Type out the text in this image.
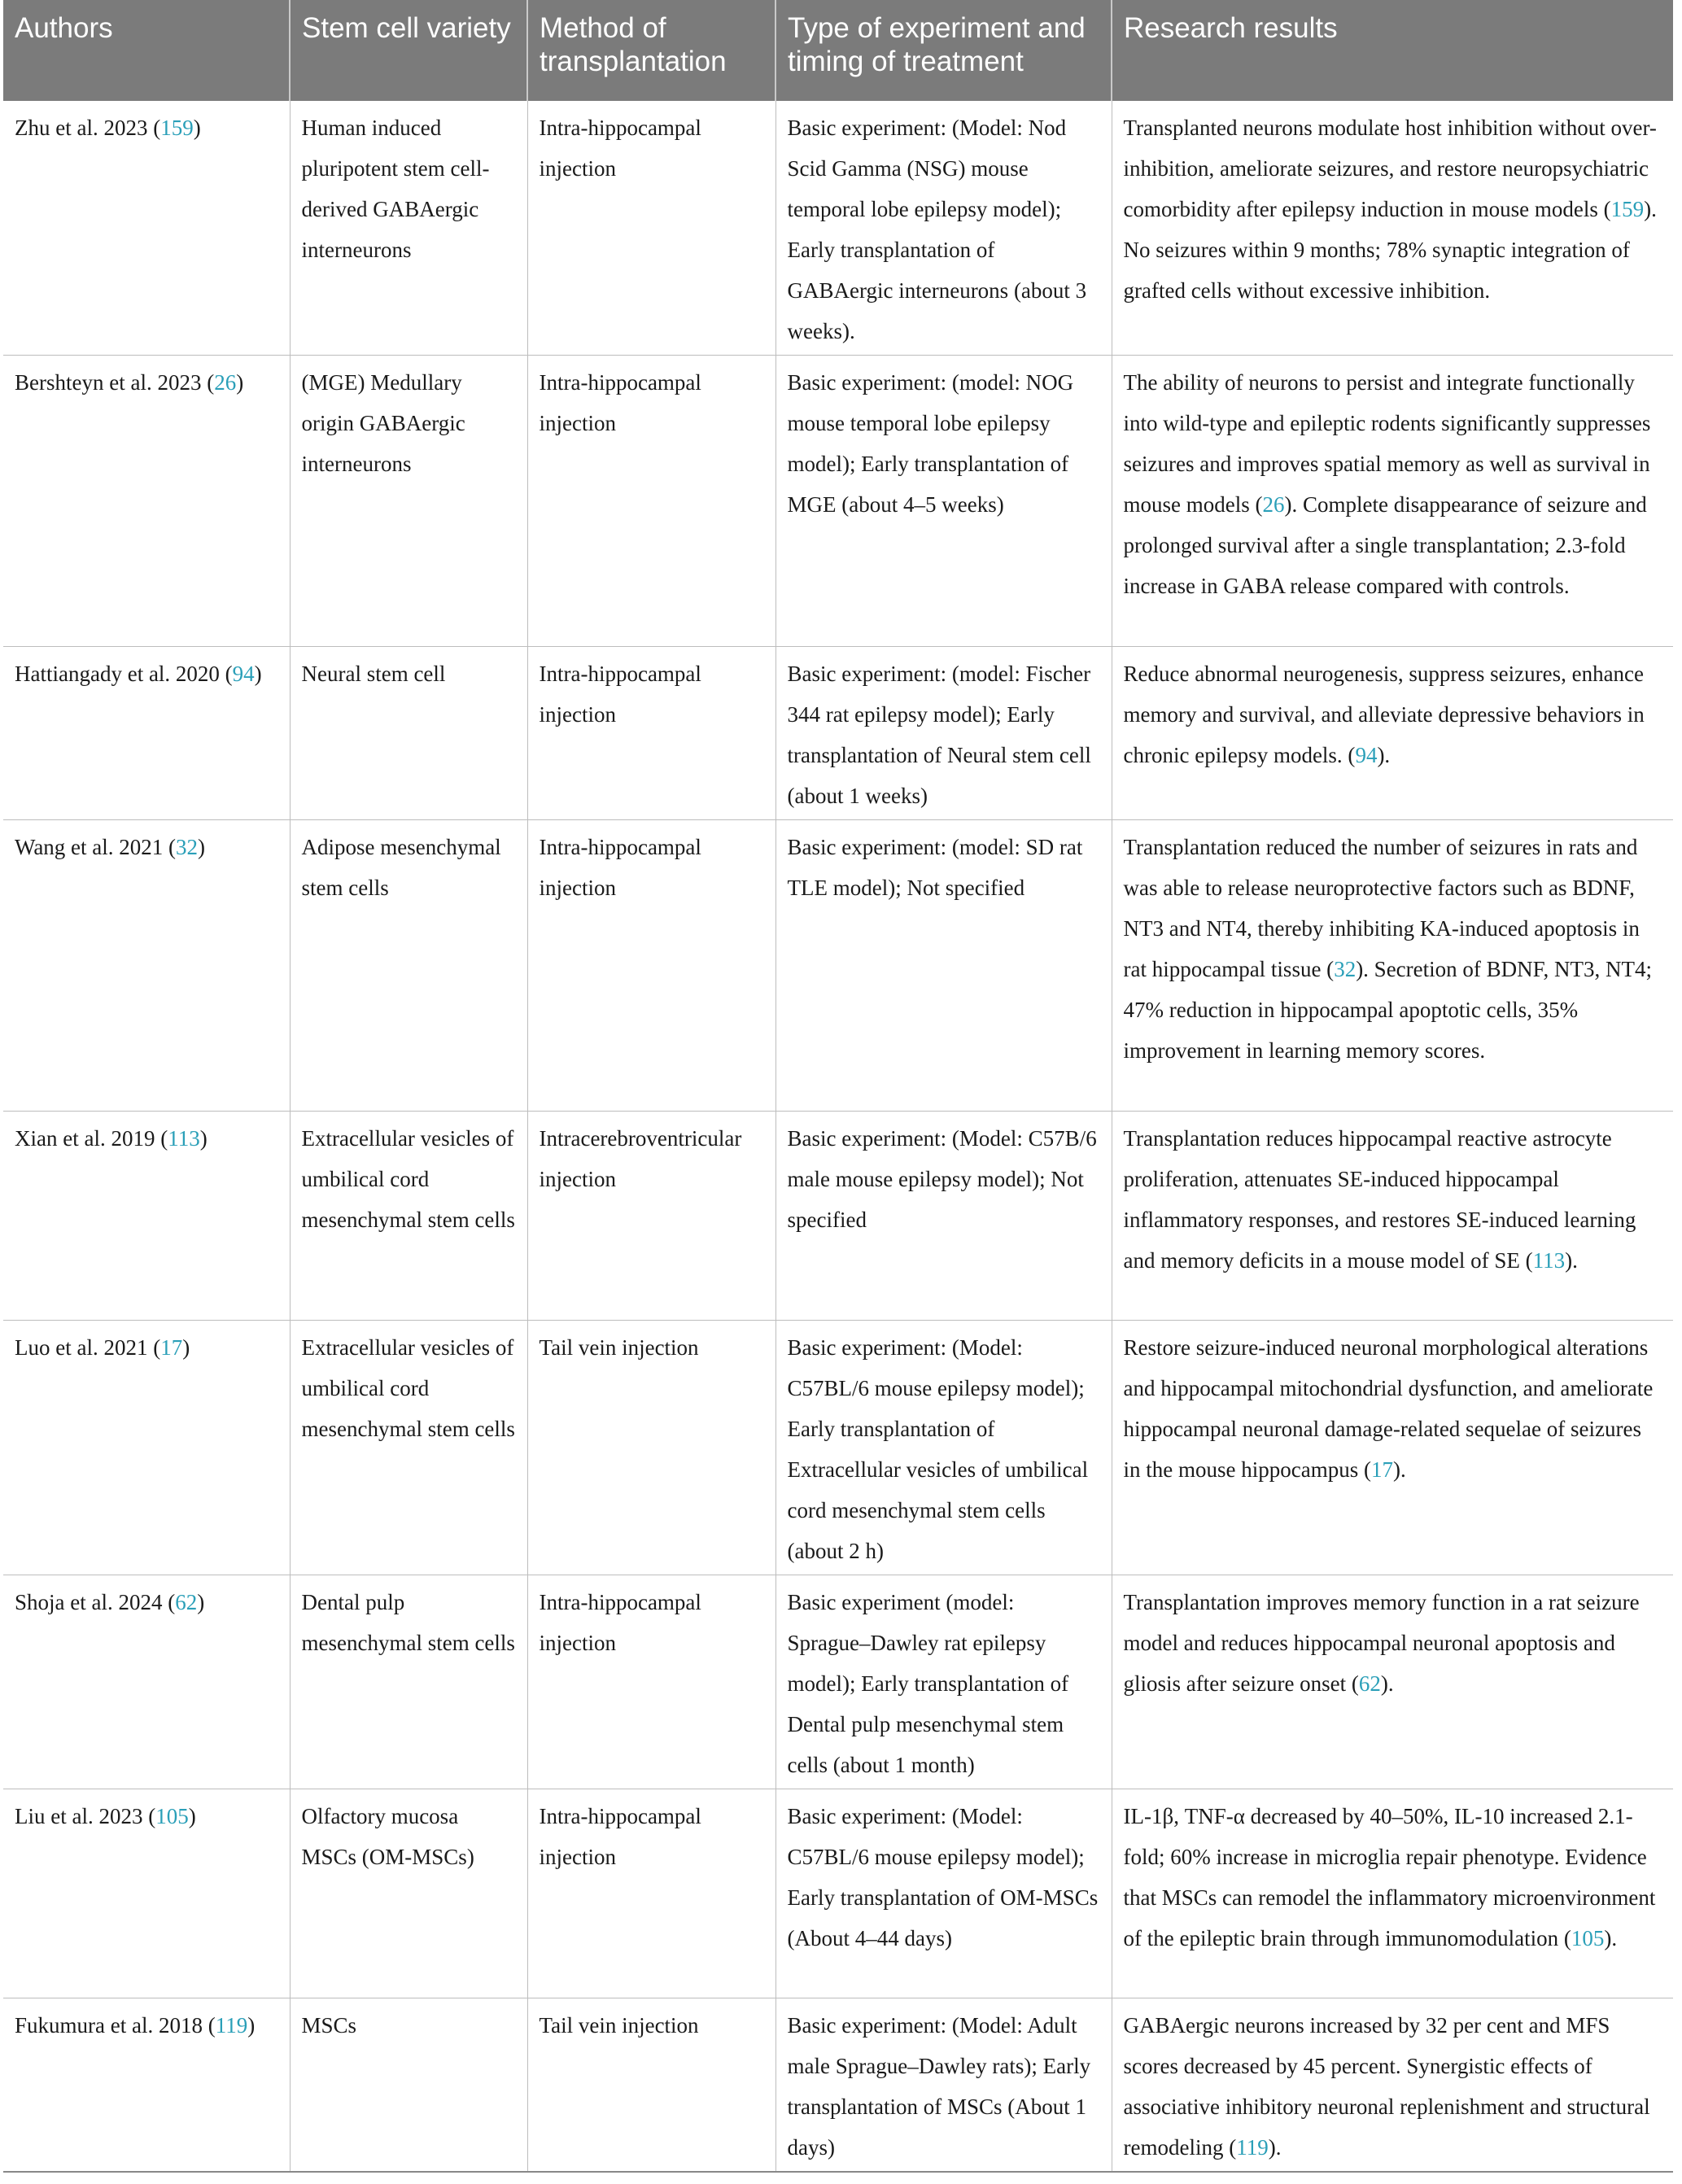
Authors	Stem cell variety	Method of transplantation	Type of experiment and timing of treatment	Research results
Zhu et al. 2023 (159)	Human induced pluripotent stem cell-derived GABAergic interneurons	Intra-hippocampal injection	Basic experiment: (Model: Nod Scid Gamma (NSG) mouse temporal lobe epilepsy model); Early transplantation of GABAergic interneurons (about 3 weeks).	Transplanted neurons modulate host inhibition without over-inhibition, ameliorate seizures, and restore neuropsychiatric comorbidity after epilepsy induction in mouse models (159). No seizures within 9 months; 78% synaptic integration of grafted cells without excessive inhibition.
Bershteyn et al. 2023 (26)	(MGE) Medullary origin GABAergic interneurons	Intra-hippocampal injection	Basic experiment: (model: NOG mouse temporal lobe epilepsy model); Early transplantation of MGE (about 4–5 weeks)	The ability of neurons to persist and integrate functionally into wild-type and epileptic rodents significantly suppresses seizures and improves spatial memory as well as survival in mouse models (26). Complete disappearance of seizure and prolonged survival after a single transplantation; 2.3-fold increase in GABA release compared with controls.
Hattiangady et al. 2020 (94)	Neural stem cell	Intra-hippocampal injection	Basic experiment: (model: Fischer 344 rat epilepsy model); Early transplantation of Neural stem cell (about 1 weeks)	Reduce abnormal neurogenesis, suppress seizures, enhance memory and survival, and alleviate depressive behaviors in chronic epilepsy models. (94).
Wang et al. 2021 (32)	Adipose mesenchymal stem cells	Intra-hippocampal injection	Basic experiment: (model: SD rat TLE model); Not specified	Transplantation reduced the number of seizures in rats and was able to release neuroprotective factors such as BDNF, NT3 and NT4, thereby inhibiting KA-induced apoptosis in rat hippocampal tissue (32). Secretion of BDNF, NT3, NT4; 47% reduction in hippocampal apoptotic cells, 35% improvement in learning memory scores.
Xian et al. 2019 (113)	Extracellular vesicles of umbilical cord mesenchymal stem cells	Intracerebroventricular injection	Basic experiment: (Model: C57B/6 male mouse epilepsy model); Not specified	Transplantation reduces hippocampal reactive astrocyte proliferation, attenuates SE-induced hippocampal inflammatory responses, and restores SE-induced learning and memory deficits in a mouse model of SE (113).
Luo et al. 2021 (17)	Extracellular vesicles of umbilical cord mesenchymal stem cells	Tail vein injection	Basic experiment: (Model: C57BL/6 mouse epilepsy model); Early transplantation of Extracellular vesicles of umbilical cord mesenchymal stem cells (about 2 h)	Restore seizure-induced neuronal morphological alterations and hippocampal mitochondrial dysfunction, and ameliorate hippocampal neuronal damage-related sequelae of seizures in the mouse hippocampus (17).
Shoja et al. 2024 (62)	Dental pulp mesenchymal stem cells	Intra-hippocampal injection	Basic experiment (model: Sprague–Dawley rat epilepsy model); Early transplantation of Dental pulp mesenchymal stem cells (about 1 month)	Transplantation improves memory function in a rat seizure model and reduces hippocampal neuronal apoptosis and gliosis after seizure onset (62).
Liu et al. 2023 (105)	Olfactory mucosa MSCs (OM-MSCs)	Intra-hippocampal injection	Basic experiment: (Model: C57BL/6 mouse epilepsy model); Early transplantation of OM-MSCs (About 4–44 days)	IL-1β, TNF-α decreased by 40–50%, IL-10 increased 2.1-fold; 60% increase in microglia repair phenotype. Evidence that MSCs can remodel the inflammatory microenvironment of the epileptic brain through immunomodulation (105).
Fukumura et al. 2018 (119)	MSCs	Tail vein injection	Basic experiment: (Model: Adult male Sprague–Dawley rats); Early transplantation of MSCs (About 1 days)	GABAergic neurons increased by 32 per cent and MFS scores decreased by 45 percent. Synergistic effects of associative inhibitory neuronal replenishment and structural remodeling (119).
